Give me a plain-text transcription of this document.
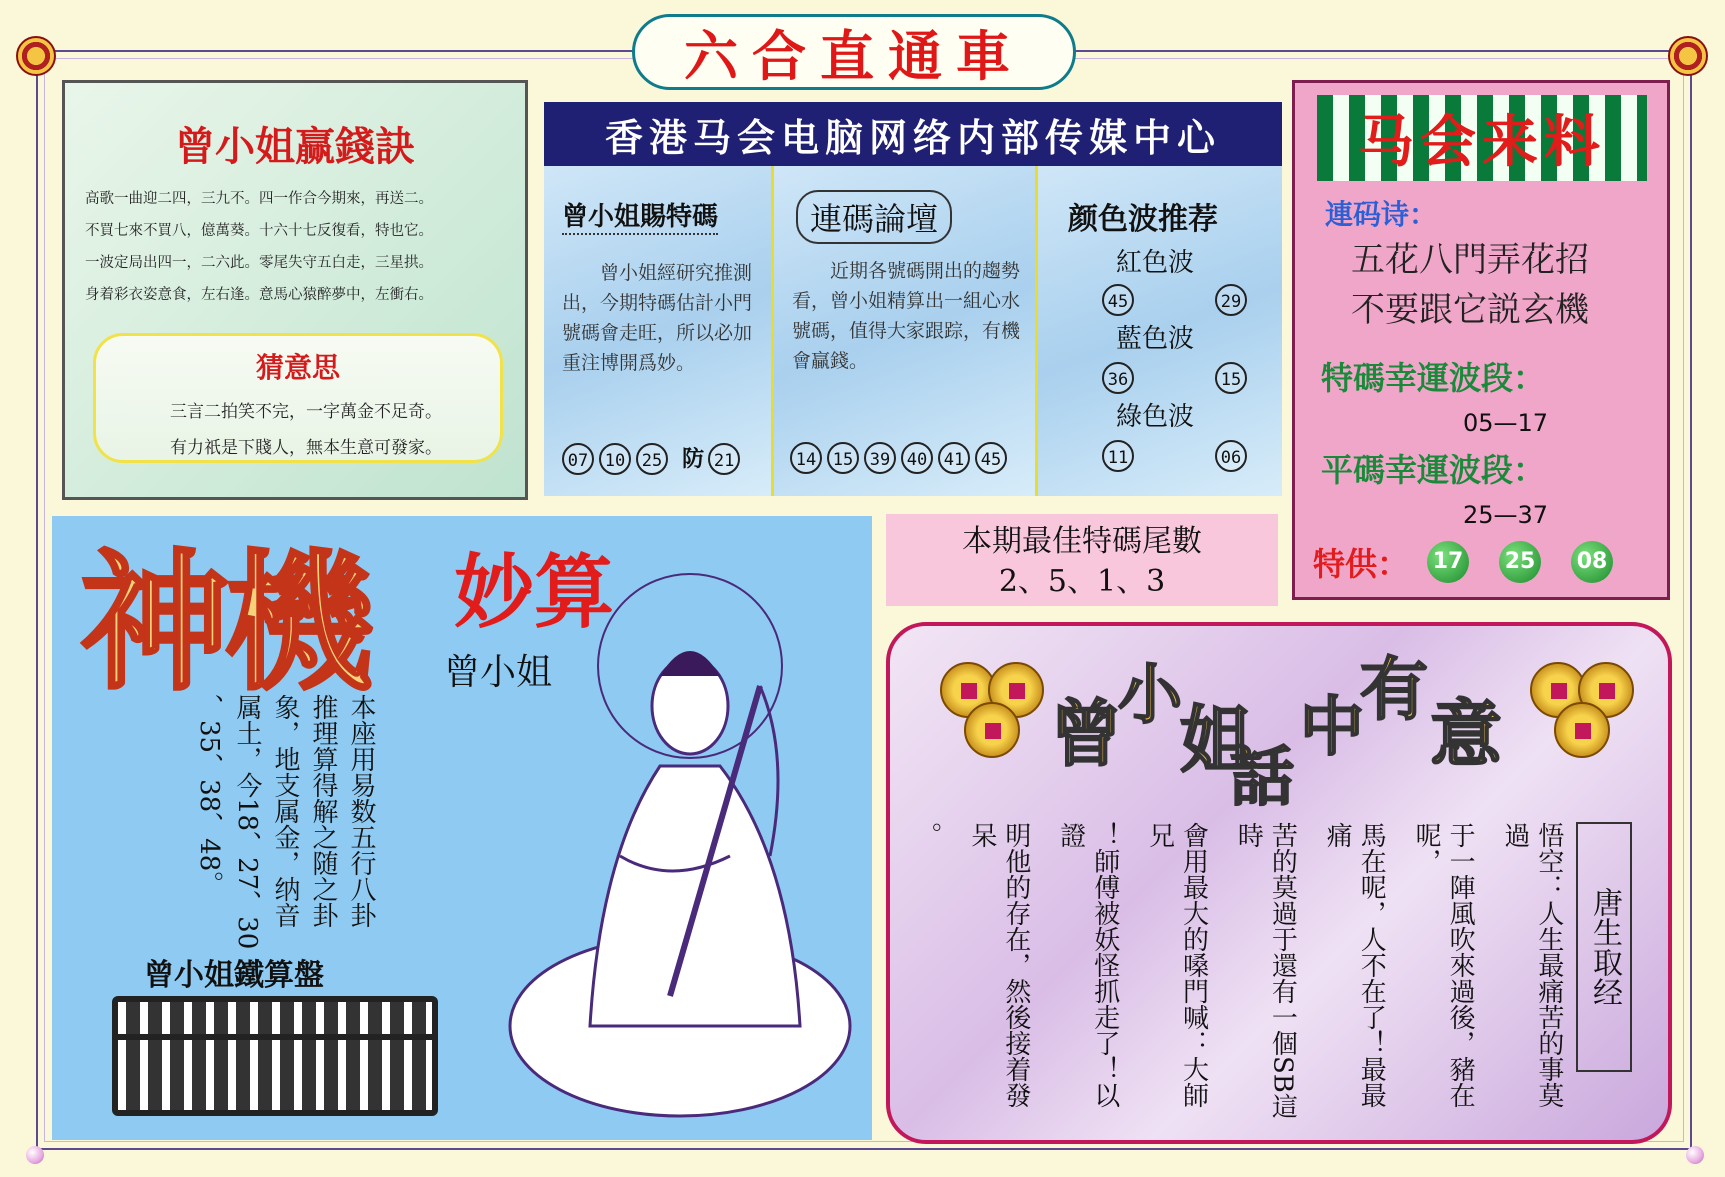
六合直通車
曾小姐赢錢訣
高歌一曲迎二四，三九不。四一作合今期來，再送二。
不買七來不買八，億萬葵。十六十七反復看，特也它。
一波定局出四一，二六此。零尾失守五白走，三星拱。
身着彩衣姿意食，左右逢。意馬心猿醉夢中，左衝右。
猜意思
三言二拍笑不完，一字萬金不足奇。
有力祇是下賤人，無本生意可發家。
香港马会电脑网络内部传媒中心
曾小姐賜特碼
曾小姐經研究推測出，今期特碼估計小門號碼會走旺，所以必加重注博開爲妙。
07 10 25 防 21
連碼論壇
近期各號碼開出的趨勢看，曾小姐精算出一組心水號碼，值得大家跟踪，有機會贏錢。
14 15 39 40 41 45
颜色波推荐
紅色波
45	29
藍色波
36	15
綠色波
11	06
马会来料
連码诗：
五花八門弄花招
不要跟它説玄機
特碼幸運波段：
05—17
平碼幸運波段：
25—37
特供： 17 25 08
本期最佳特碼尾數
2、5、1、3
神機 妙算
曾小姐
本座用易数五行八卦
推理算得解之随之卦
象，地支属金，纳音
属土，今18、27、30
、35、38、48。
曾小姐鐵算盤
曾
小
姐
話
中
有
意
唐生取经
悟空：人生最痛苦的事莫過
于一陣風吹來過後，豬在呢，
馬在呢，人不在了！最最痛
苦的莫過于還有一個SB這時
會用最大的嗓門喊：大師兄
！師傅被妖怪抓走了！以證
明他的存在，然後接着發呆
。
